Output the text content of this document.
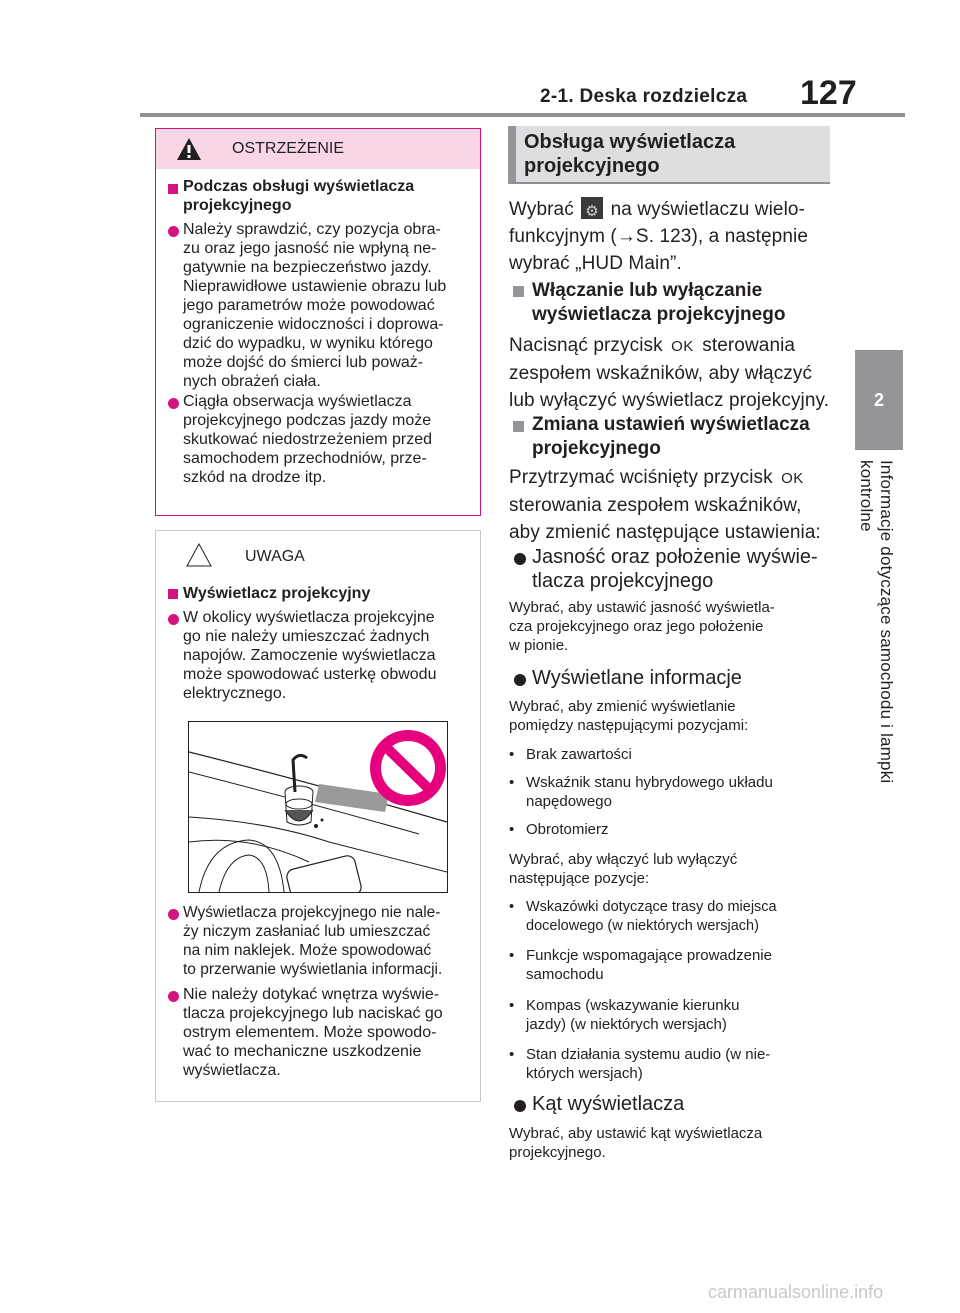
2-1. Deska rozdzielcza 127
2
Informacje dotyczące samochodu i lampki kontrolne
OSTRZEŻENIE
Podczas obsługi wyświetlacza projekcyjnego
Należy sprawdzić, czy pozycja obra-
zu oraz jego jasność nie wpłyną ne-
gatywnie na bezpieczeństwo jazdy.
Nieprawidłowe ustawienie obrazu lub
jego parametrów może powodować
ograniczenie widoczności i doprowa-
dzić do wypadku, w wyniku którego
może dojść do śmierci lub poważ-
nych obrażeń ciała.
Ciągła obserwacja wyświetlacza
projekcyjnego podczas jazdy może
skutkować niedostrzeżeniem przed
samochodem przechodniów, prze-
szkód na drodze itp.
UWAGA
Wyświetlacz projekcyjny
W okolicy wyświetlacza projekcyjne
go nie należy umieszczać żadnych
napojów. Zamoczenie wyświetlacza
może spowodować usterkę obwodu
elektrycznego.
Wyświetlacza projekcyjnego nie nale-
ży niczym zasłaniać lub umieszczać
na nim naklejek. Może spowodować
to przerwanie wyświetlania informacji.
Nie należy dotykać wnętrza wyświe-
tlacza projekcyjnego lub naciskać go
ostrym elementem. Może spowodo-
wać to mechaniczne uszkodzenie
wyświetlacza.
Obsługa wyświetlacza
projekcyjnego
Wybrać ⚙ na wyświetlaczu wielo-
funkcyjnym (→S. 123), a następnie
wybrać „HUD Main”.
Włączanie lub wyłączanie
wyświetlacza projekcyjnego
Nacisnąć przycisk OK sterowania
zespołem wskaźników, aby włączyć
lub wyłączyć wyświetlacz projekcyjny.
Zmiana ustawień wyświetlacza
projekcyjnego
Przytrzymać wciśnięty przycisk OK
sterowania zespołem wskaźników,
aby zmienić następujące ustawienia:
Jasność oraz położenie wyświe-
tlacza projekcyjnego
Wybrać, aby ustawić jasność wyświetla-
cza projekcyjnego oraz jego położenie
w pionie.
Wyświetlane informacje
Wybrać, aby zmienić wyświetlanie
pomiędzy następującymi pozycjami:
• Brak zawartości
• Wskaźnik stanu hybrydowego układu
napędowego
• Obrotomierz
Wybrać, aby włączyć lub wyłączyć
następujące pozycje:
• Wskazówki dotyczące trasy do miejsca
docelowego (w niektórych wersjach)
• Funkcje wspomagające prowadzenie
samochodu
• Kompas (wskazywanie kierunku
jazdy) (w niektórych wersjach)
• Stan działania systemu audio (w nie-
których wersjach)
Kąt wyświetlacza
Wybrać, aby ustawić kąt wyświetlacza
projekcyjnego.
carmanualsonline.info
